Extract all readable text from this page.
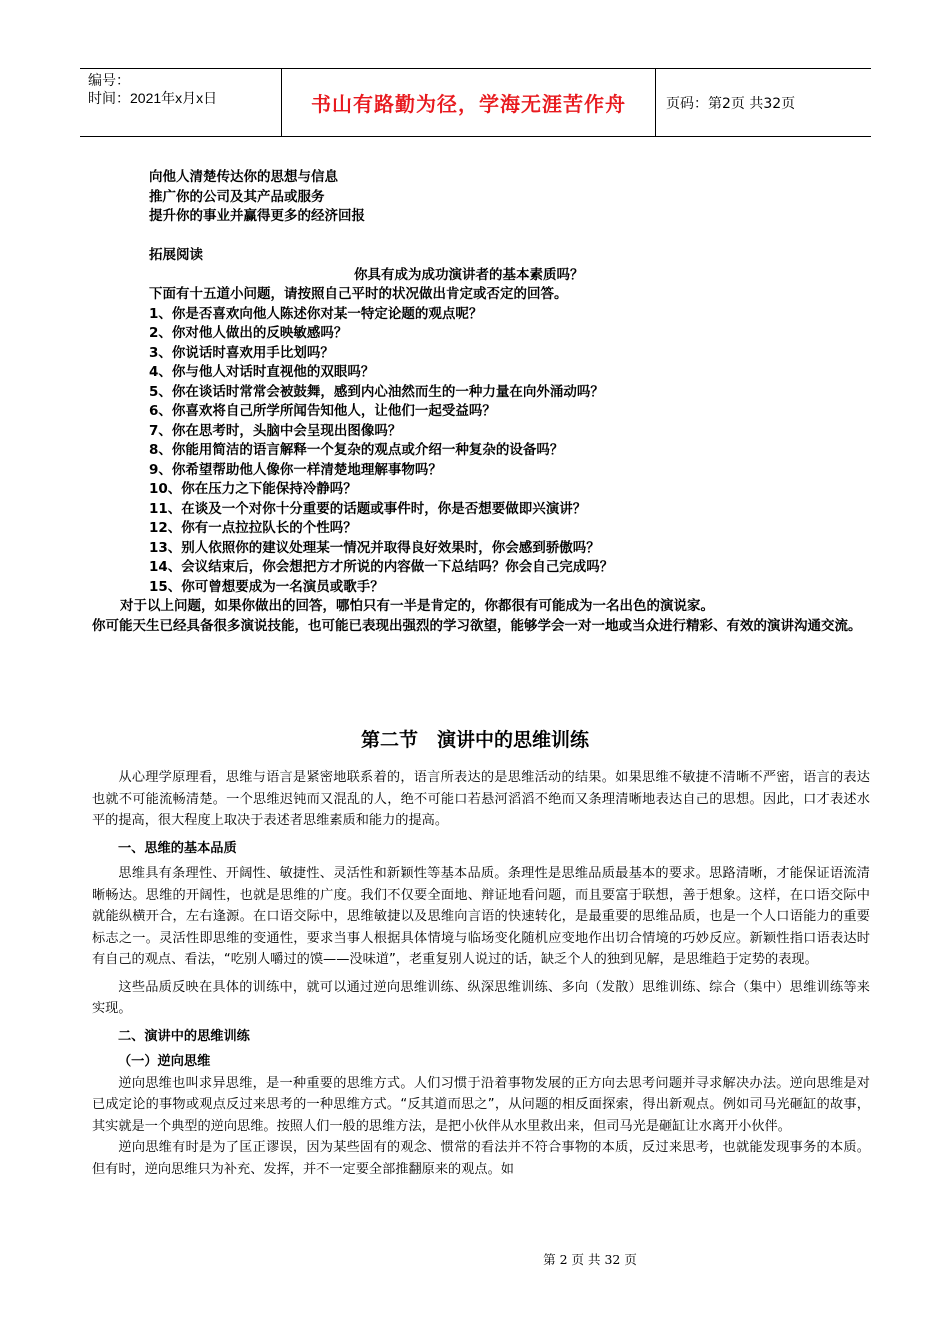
编号：
时间：2021年x月x日	书山有路勤为径，学海无涯苦作舟	页码：第2页 共32页
向他人清楚传达你的思想与信息
推广你的公司及其产品或服务
提升你的事业并赢得更多的经济回报
拓展阅读
你具有成为成功演讲者的基本素质吗？
下面有十五道小问题，请按照自己平时的状况做出肯定或否定的回答。
1、你是否喜欢向他人陈述你对某一特定论题的观点呢？
2、你对他人做出的反映敏感吗？
3、你说话时喜欢用手比划吗？
4、你与他人对话时直视他的双眼吗？
5、你在谈话时常常会被鼓舞，感到内心油然而生的一种力量在向外涌动吗？
6、你喜欢将自己所学所闻告知他人，让他们一起受益吗？
7、你在思考时，头脑中会呈现出图像吗？
8、你能用简洁的语言解释一个复杂的观点或介绍一种复杂的设备吗？
9、你希望帮助他人像你一样清楚地理解事物吗？
10、你在压力之下能保持冷静吗？
11、在谈及一个对你十分重要的话题或事件时，你是否想要做即兴演讲？
12、你有一点拉拉队长的个性吗？
13、别人依照你的建议处理某一情况并取得良好效果时，你会感到骄傲吗？
14、会议结束后，你会想把方才所说的内容做一下总结吗？你会自己完成吗？
15、你可曾想要成为一名演员或歌手？
对于以上问题，如果你做出的回答，哪怕只有一半是肯定的，你都很有可能成为一名出色的演说家。
你可能天生已经具备很多演说技能，也可能已表现出强烈的学习欲望，能够学会一对一地或当众进行精彩、有效的演讲沟通交流。
第二节　演讲中的思维训练

从心理学原理看，思维与语言是紧密地联系着的，语言所表达的是思维活动的结果。如果思维不敏捷不清晰不严密，语言的表达也就不可能流畅清楚。一个思维迟钝而又混乱的人，绝不可能口若悬河滔滔不绝而又条理清晰地表达自己的思想。因此，口才表述水平的提高，很大程度上取决于表述者思维素质和能力的提高。

一、思维的基本品质

思维具有条理性、开阔性、敏捷性、灵活性和新颖性等基本品质。条理性是思维品质最基本的要求。思路清晰，才能保证语流清晰畅达。思维的开阔性，也就是思维的广度。我们不仅要全面地、辩证地看问题，而且要富于联想，善于想象。这样，在口语交际中就能纵横开合，左右逢源。在口语交际中，思维敏捷以及思维向言语的快速转化，是最重要的思维品质，也是一个人口语能力的重要标志之一。灵活性即思维的变通性，要求当事人根据具体情境与临场变化随机应变地作出切合情境的巧妙反应。新颖性指口语表达时有自己的观点、看法，“吃别人嚼过的馍——没味道”，老重复别人说过的话，缺乏个人的独到见解，是思维趋于定势的表现。

这些品质反映在具体的训练中，就可以通过逆向思维训练、纵深思维训练、多向（发散）思维训练、综合（集中）思维训练等来实现。

二、演讲中的思维训练
（一）逆向思维

逆向思维也叫求异思维，是一种重要的思维方式。人们习惯于沿着事物发展的正方向去思考问题并寻求解决办法。逆向思维是对已成定论的事物或观点反过来思考的一种思维方式。“反其道而思之”，从问题的相反面探索，得出新观点。例如司马光砸缸的故事，其实就是一个典型的逆向思维。按照人们一般的思维方法，是把小伙伴从水里救出来，但司马光是砸缸让水离开小伙伴。

逆向思维有时是为了匡正谬误，因为某些固有的观念、惯常的看法并不符合事物的本质，反过来思考，也就能发现事务的本质。但有时，逆向思维只为补充、发挥，并不一定要全部推翻原来的观点。如

第 2 页 共 32 页
